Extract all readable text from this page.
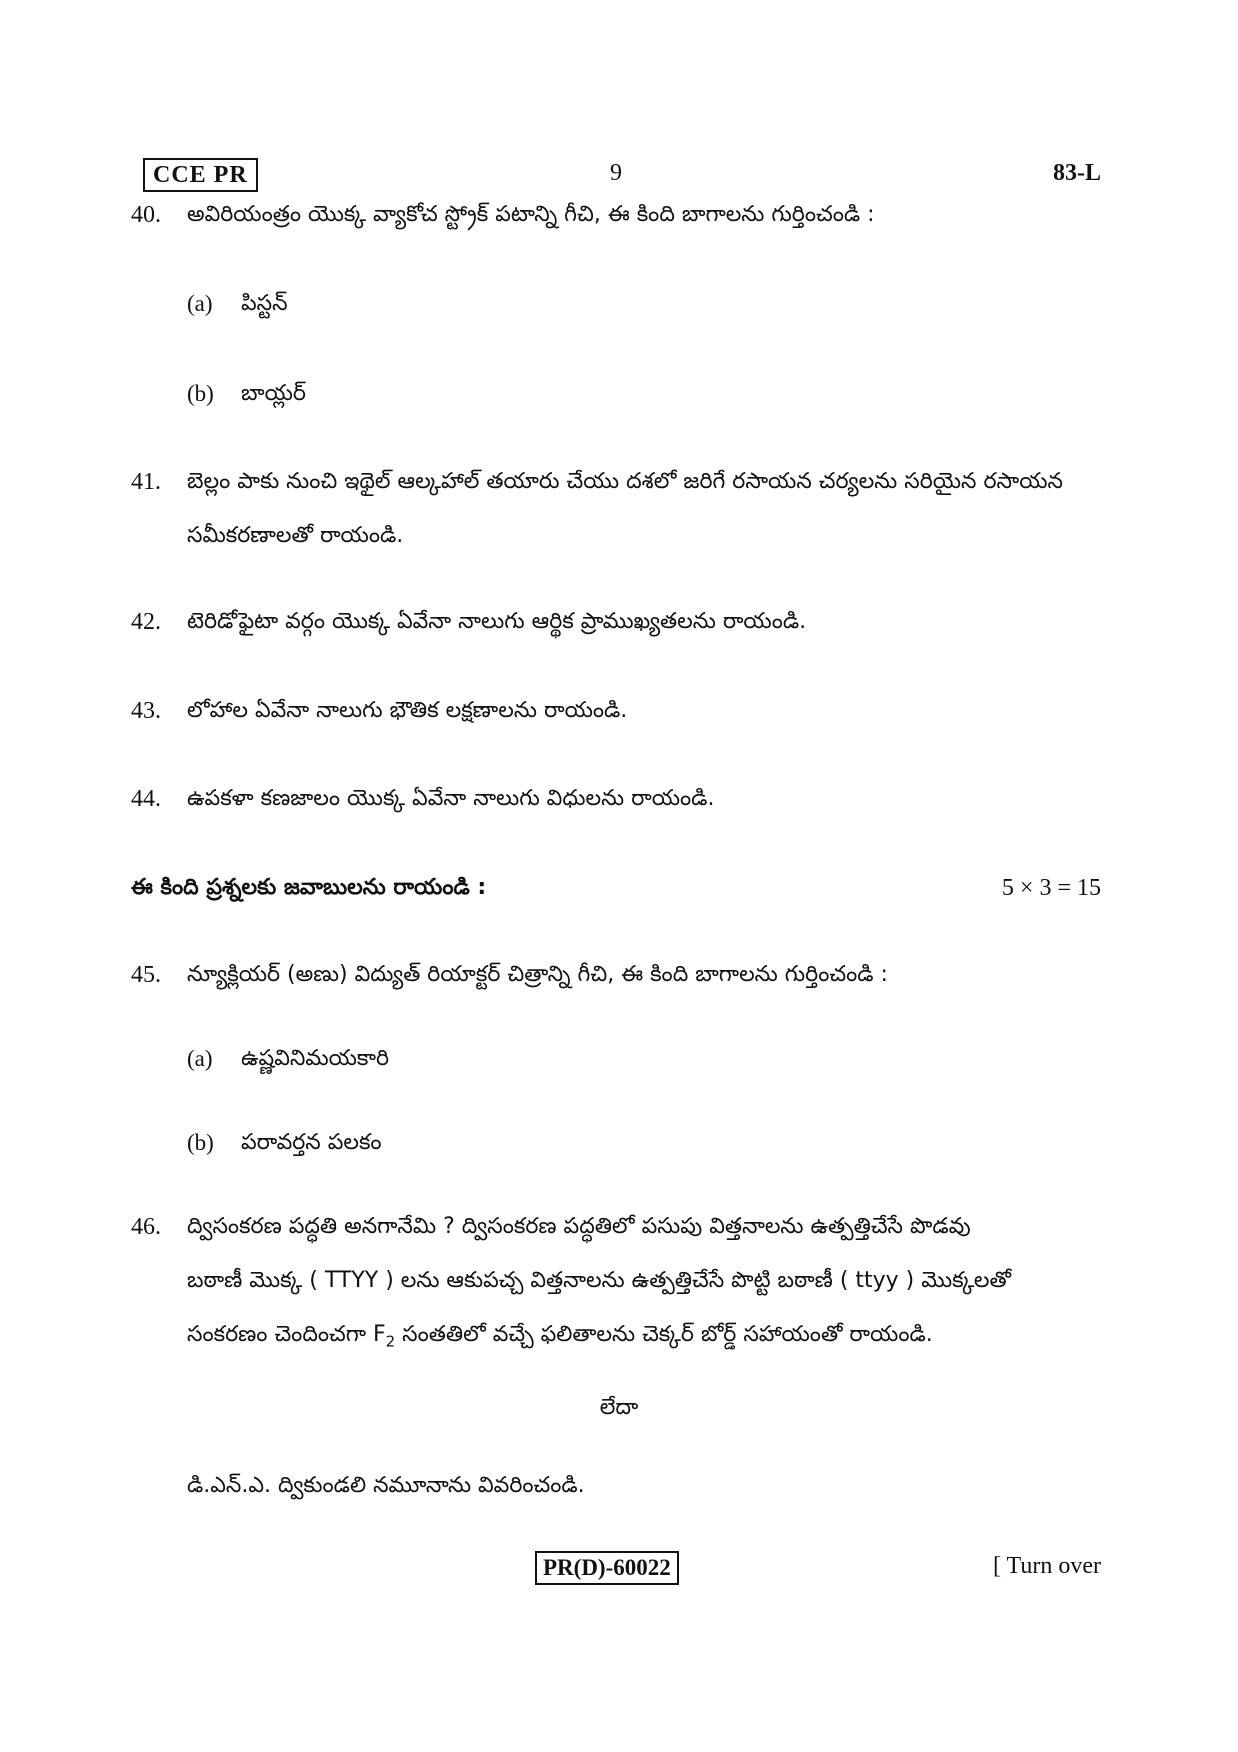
CCE PR	9	83-L
40. అవిరియంత్రం యొక్క వ్యాకోచ స్ట్రోక్ పటాన్ని గీచి, ఈ కింది బాగాలను గుర్తించండి :
(a) పిస్టన్
(b) బాయ్లర్
41. బెల్లం పాకు నుంచి ఇథైల్ ఆల్కహాల్ తయారు చేయు దశలో జరిగే రసాయన చర్యలను సరియైన రసాయన సమీకరణాలతో రాయండి.
42. టెరిడోఫైటా వర్గం యొక్క ఏవేనా నాలుగు ఆర్థిక ప్రాముఖ్యతలను రాయండి.
43. లోహాల ఏవేనా నాలుగు భౌతిక లక్షణాలను రాయండి.
44. ఉపకళా కణజాలం యొక్క ఏవేనా నాలుగు విధులను రాయండి.
ఈ కింది ప్రశ్నలకు జవాబులను రాయండి :	5 × 3 = 15
45. న్యూక్లియర్ (అణు) విద్యుత్ రియాక్టర్ చిత్రాన్ని గీచి, ఈ కింది బాగాలను గుర్తించండి :
(a) ఉష్ణవినిమయకారి
(b) పరావర్తన పలకం
46. ద్విసంకరణ పద్ధతి అనగానేమి ? ద్విసంకరణ పద్ధతిలో పసుపు విత్తనాలను ఉత్పత్తిచేసే పొడవు
బఠాణీ మొక్క ( TTYY ) లను ఆకుపచ్చ విత్తనాలను ఉత్పత్తిచేసే పొట్టి బఠాణీ ( ttyy ) మొక్కలతో
సంకరణం చెందించగా $F_2$ సంతతిలో వచ్చే ఫలితాలను చెక్కర్ బోర్డ్ సహాయంతో రాయండి.
లేదా
డి.ఎన్.ఎ. ద్వికుండలి నమూనాను వివరించండి.
PR(D)-60022	[ Turn over
